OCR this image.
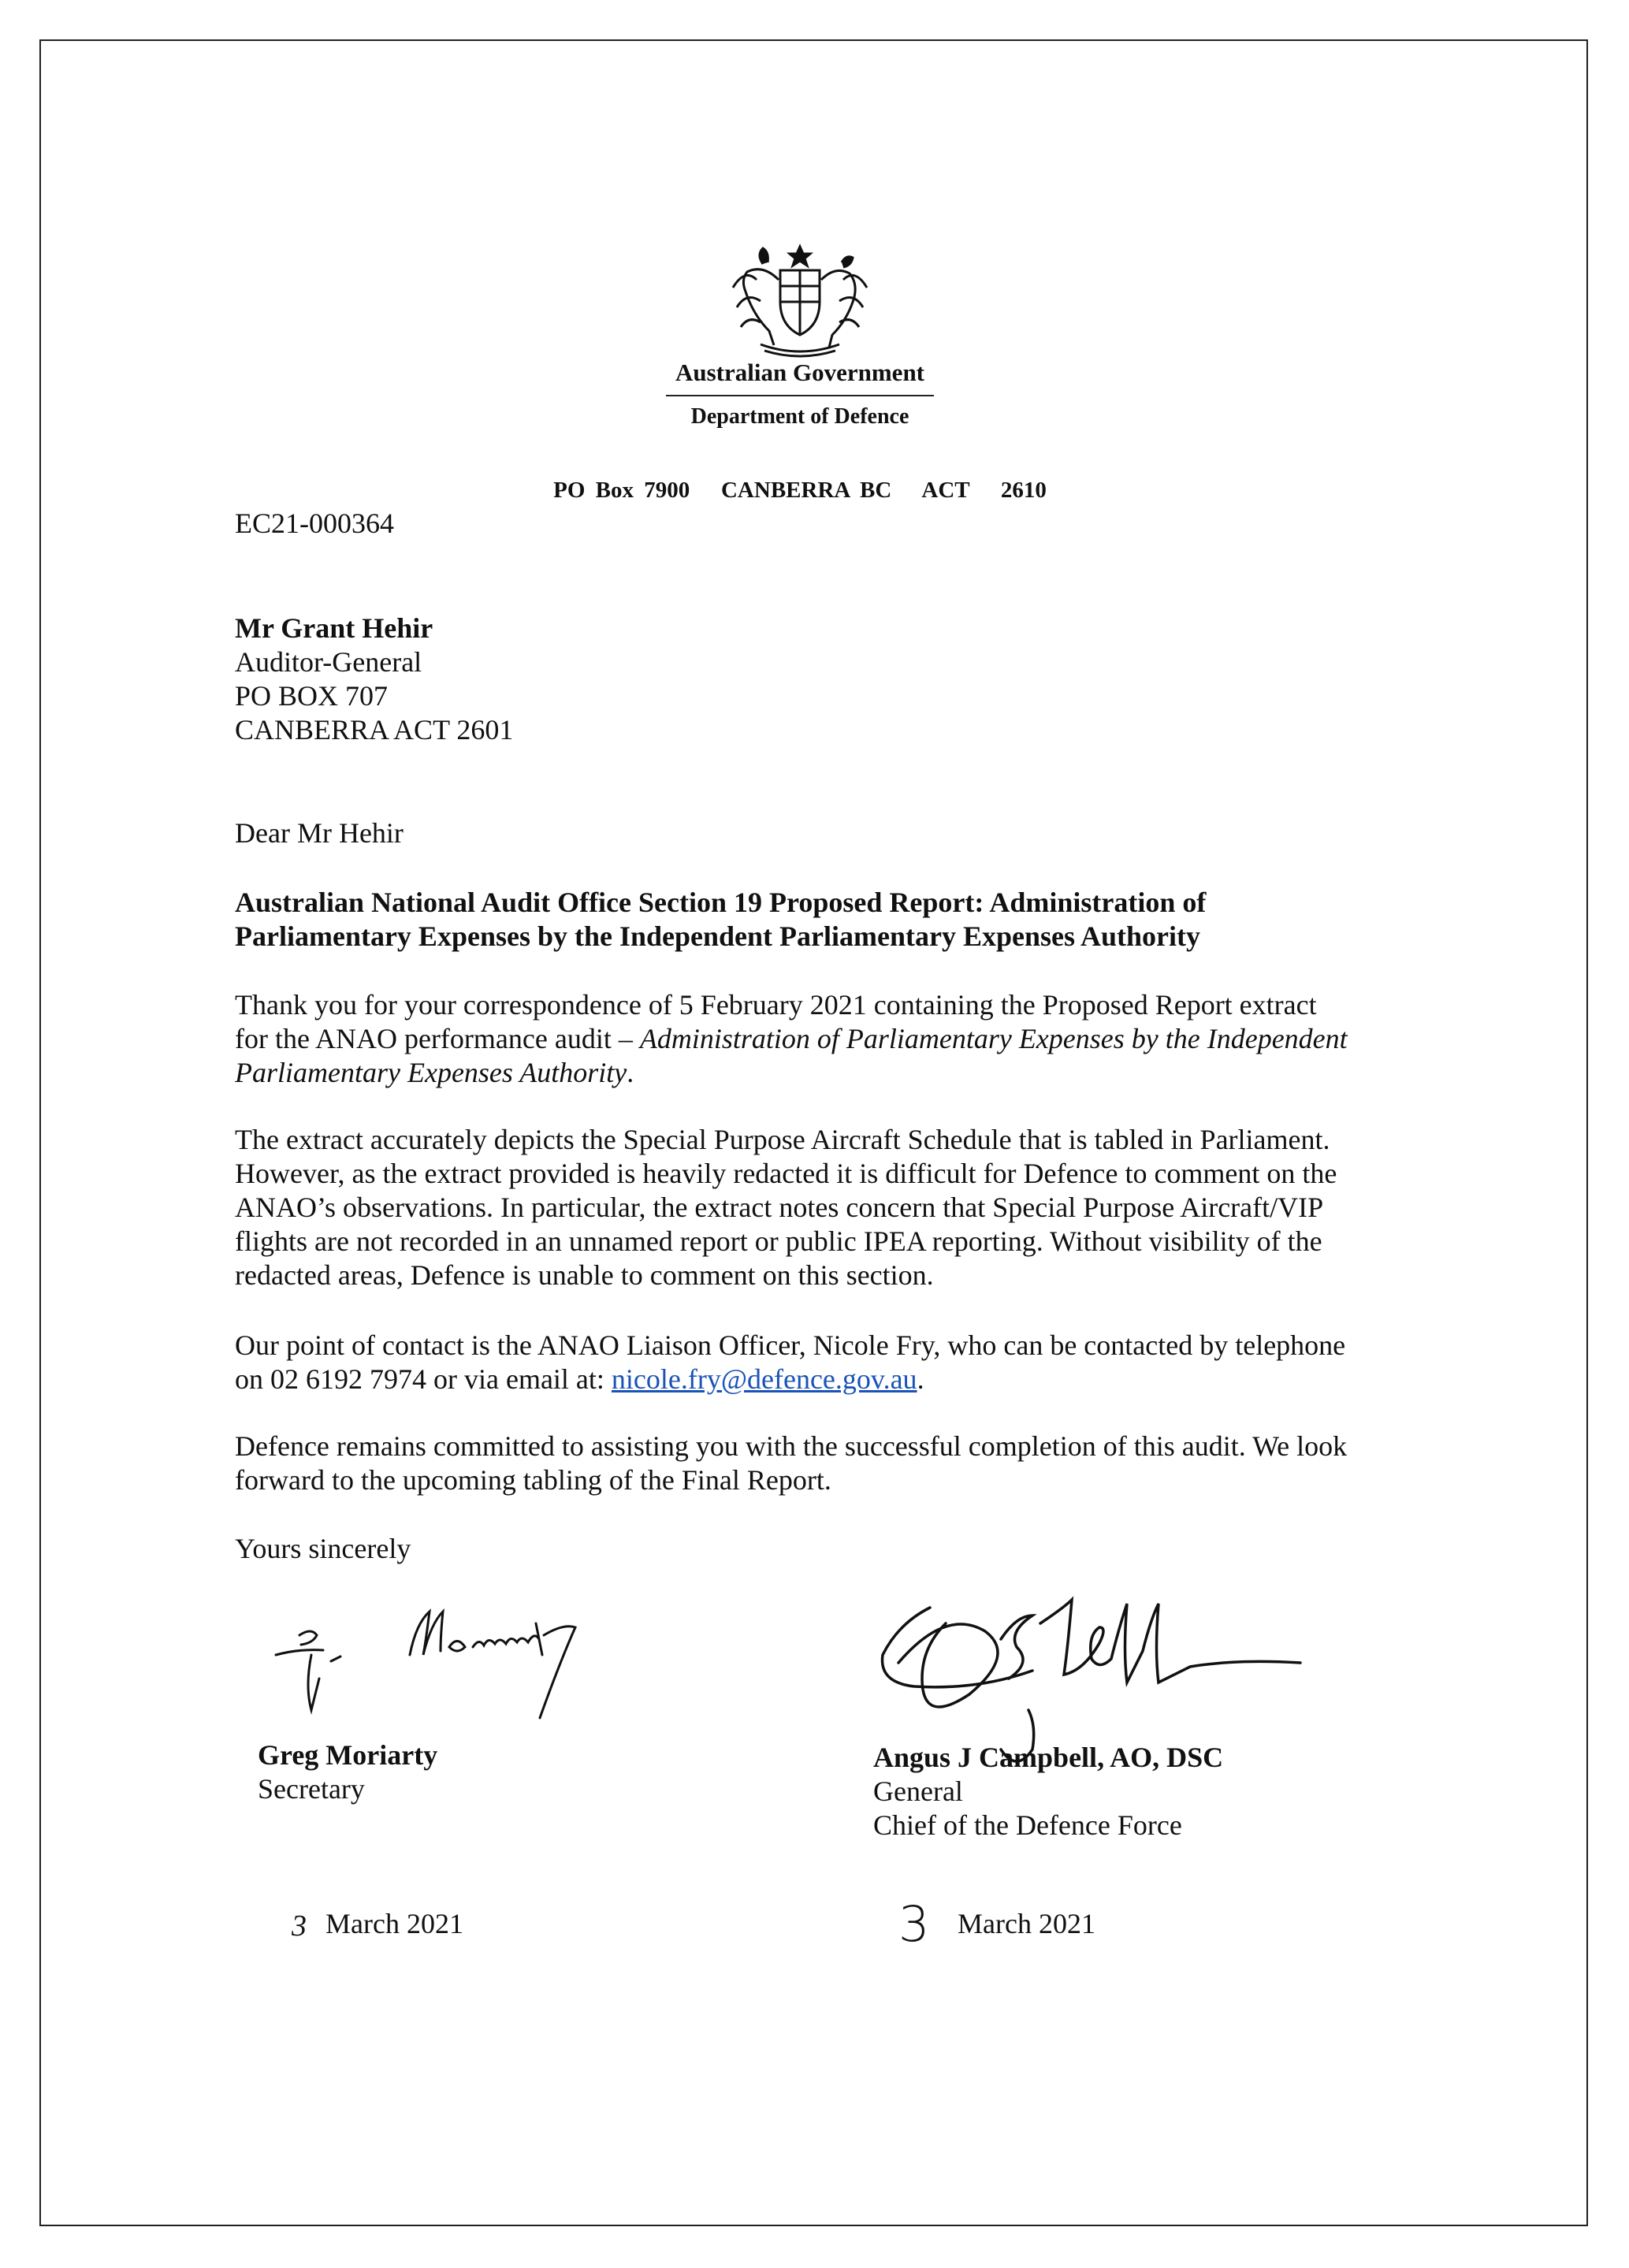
Australian Government
Department of Defence
PO Box 7900   CANBERRA BC   ACT   2610
EC21-000364
Mr Grant Hehir
Auditor-General
PO BOX 707
CANBERRA ACT 2601
Dear Mr Hehir
Australian National Audit Office Section 19 Proposed Report: Administration of
Parliamentary Expenses by the Independent Parliamentary Expenses Authority

Thank you for your correspondence of 5 February 2021 containing the Proposed Report extract for the ANAO performance audit – Administration of Parliamentary Expenses by the Independent Parliamentary Expenses Authority.

The extract accurately depicts the Special Purpose Aircraft Schedule that is tabled in Parliament. However, as the extract provided is heavily redacted it is difficult for Defence to comment on the ANAO’s observations. In particular, the extract notes concern that Special Purpose Aircraft/VIP flights are not recorded in an unnamed report or public IPEA reporting. Without visibility of the redacted areas, Defence is unable to comment on this section.

Our point of contact is the ANAO Liaison Officer, Nicole Fry, who can be contacted by telephone on 02 6192 7974 or via email at: nicole.fry@defence.gov.au.

Defence remains committed to assisting you with the successful completion of this audit. We look forward to the upcoming tabling of the Final Report.

Yours sincerely
Greg Moriarty
Secretary
Angus J Campbell, AO, DSC
General
Chief of the Defence Force
3 March 2021	3 March 2021
